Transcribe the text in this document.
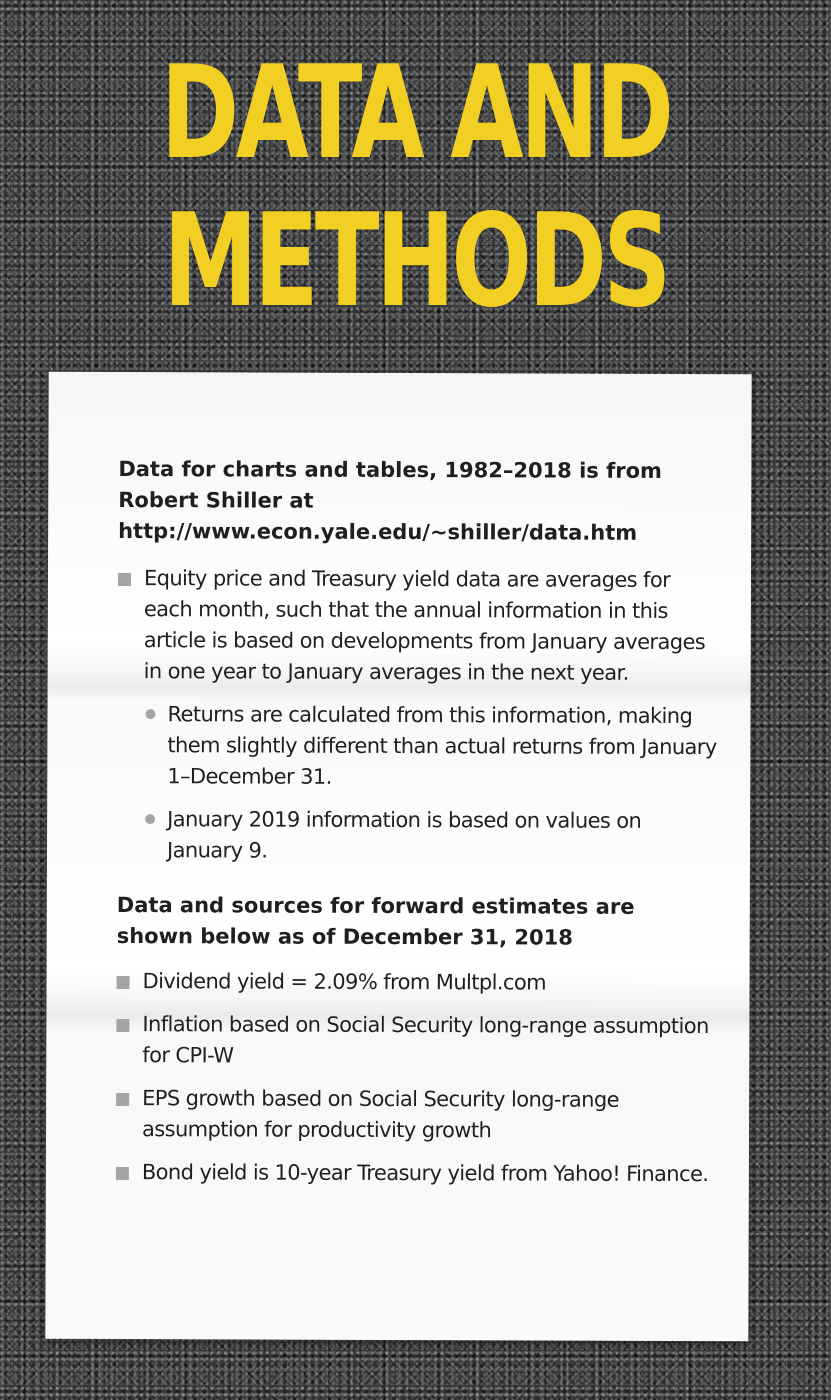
DATA AND
METHODS

Data for charts and tables, 1982–2018 is from Robert Shiller at http://www.econ.yale.edu/~shiller/data.htm

Equity price and Treasury yield data are averages for each month, such that the annual information in this article is based on developments from January averages in one year to January averages in the next year.
Returns are calculated from this information, making them slightly different than actual returns from January 1–December 31.
January 2019 information is based on values on January 9.

Data and sources for forward estimates are shown below as of December 31, 2018

Dividend yield = 2.09% from Multpl.com
Inflation based on Social Security long-range assumption for CPI-W
EPS growth based on Social Security long-range assumption for productivity growth
Bond yield is 10-year Treasury yield from Yahoo! Finance.
